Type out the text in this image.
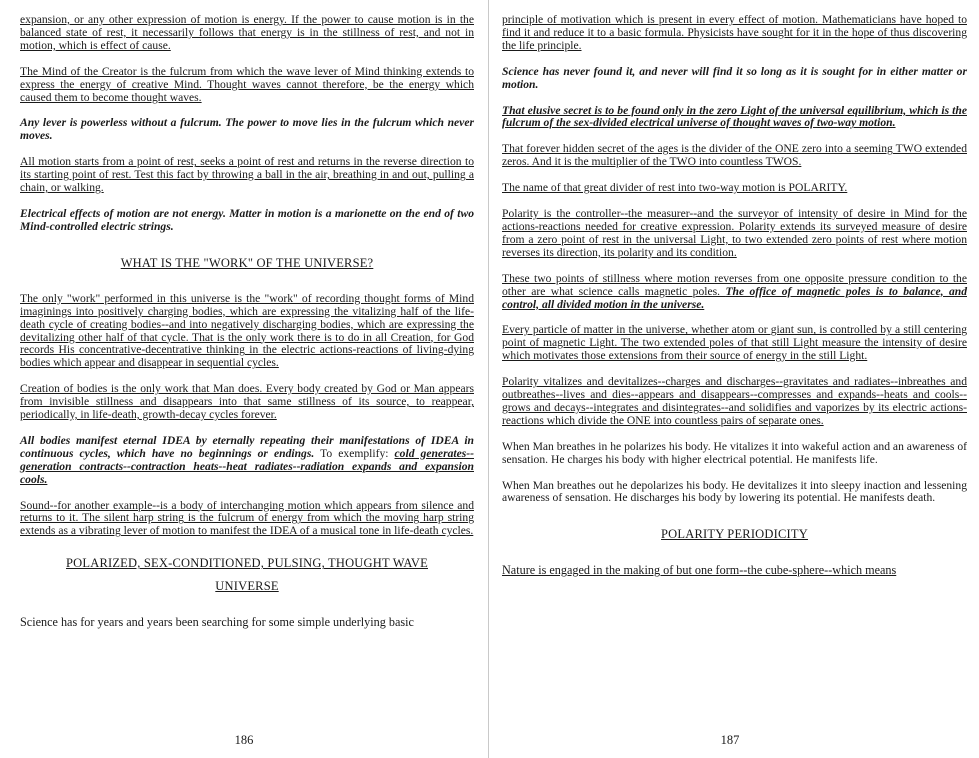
expansion, or any other expression of motion is energy. If the power to cause motion is in the balanced state of rest, it necessarily follows that energy is in the stillness of rest, and not in motion, which is effect of cause.

The Mind of the Creator is the fulcrum from which the wave lever of Mind thinking extends to express the energy of creative Mind. Thought waves cannot therefore, be the energy which caused them to become thought waves.

Any lever is powerless without a fulcrum. The power to move lies in the fulcrum which never moves.

All motion starts from a point of rest, seeks a point of rest and returns in the reverse direction to its starting point of rest. Test this fact by throwing a ball in the air, breathing in and out, pulling a chain, or walking.

Electrical effects of motion are not energy. Matter in motion is a marionette on the end of two Mind-controlled electric strings.

WHAT IS THE "WORK" OF THE UNIVERSE?

The only "work" performed in this universe is the "work" of recording thought forms of Mind imaginings into positively charging bodies, which are expressing the vitalizing half of the life-death cycle of creating bodies--and into negatively discharging bodies, which are expressing the devitalizing other half of that cycle. That is the only work there is to do in all Creation, for God records His concentrative-decentrative thinking in the electric actions-reactions of living-dying bodies which appear and disappear in sequential cycles.

Creation of bodies is the only work that Man does. Every body created by God or Man appears from invisible stillness and disappears into that same stillness of its source, to reappear, periodically, in life-death, growth-decay cycles forever.

All bodies manifest eternal IDEA by eternally repeating their manifestations of IDEA in continuous cycles, which have no beginnings or endings. To exemplify: cold generates--generation contracts--contraction heats--heat radiates--radiation expands and expansion cools.

Sound--for another example--is a body of interchanging motion which appears from silence and returns to it. The silent harp string is the fulcrum of energy from which the moving harp string extends as a vibrating lever of motion to manifest the IDEA of a musical tone in life-death cycles.

POLARIZED, SEX-CONDITIONED, PULSING, THOUGHT WAVE
UNIVERSE

Science has for years and years been searching for some simple underlying basic

186

principle of motivation which is present in every effect of motion. Mathematicians have hoped to find it and reduce it to a basic formula. Physicists have sought for it in the hope of thus discovering the life principle.

Science has never found it, and never will find it so long as it is sought for in either matter or motion.

That elusive secret is to be found only in the zero Light of the universal equilibrium, which is the fulcrum of the sex-divided electrical universe of thought waves of two-way motion.

That forever hidden secret of the ages is the divider of the ONE zero into a seeming TWO extended zeros. And it is the multiplier of the TWO into countless TWOS.

The name of that great divider of rest into two-way motion is POLARITY.

Polarity is the controller--the measurer--and the surveyor of intensity of desire in Mind for the actions-reactions needed for creative expression. Polarity extends its surveyed measure of desire from a zero point of rest in the universal Light, to two extended zero points of rest where motion reverses its direction, its polarity and its condition.

These two points of stillness where motion reverses from one opposite pressure condition to the other are what science calls magnetic poles. The office of magnetic poles is to balance, and control, all divided motion in the universe.

Every particle of matter in the universe, whether atom or giant sun, is controlled by a still centering point of magnetic Light. The two extended poles of that still Light measure the intensity of desire which motivates those extensions from their source of energy in the still Light.

Polarity vitalizes and devitalizes--charges and discharges--gravitates and radiates--inbreathes and outbreathes--lives and dies--appears and disappears--compresses and expands--heats and cools--grows and decays--integrates and disintegrates--and solidifies and vaporizes by its electric actions-reactions which divide the ONE into countless pairs of separate ones.

When Man breathes in he polarizes his body. He vitalizes it into wakeful action and an awareness of sensation. He charges his body with higher electrical potential. He manifests life.

When Man breathes out he depolarizes his body. He devitalizes it into sleepy inaction and lessening awareness of sensation. He discharges his body by lowering its potential. He manifests death.

POLARITY PERIODICITY

Nature is engaged in the making of but one form--the cube-sphere--which means

187
